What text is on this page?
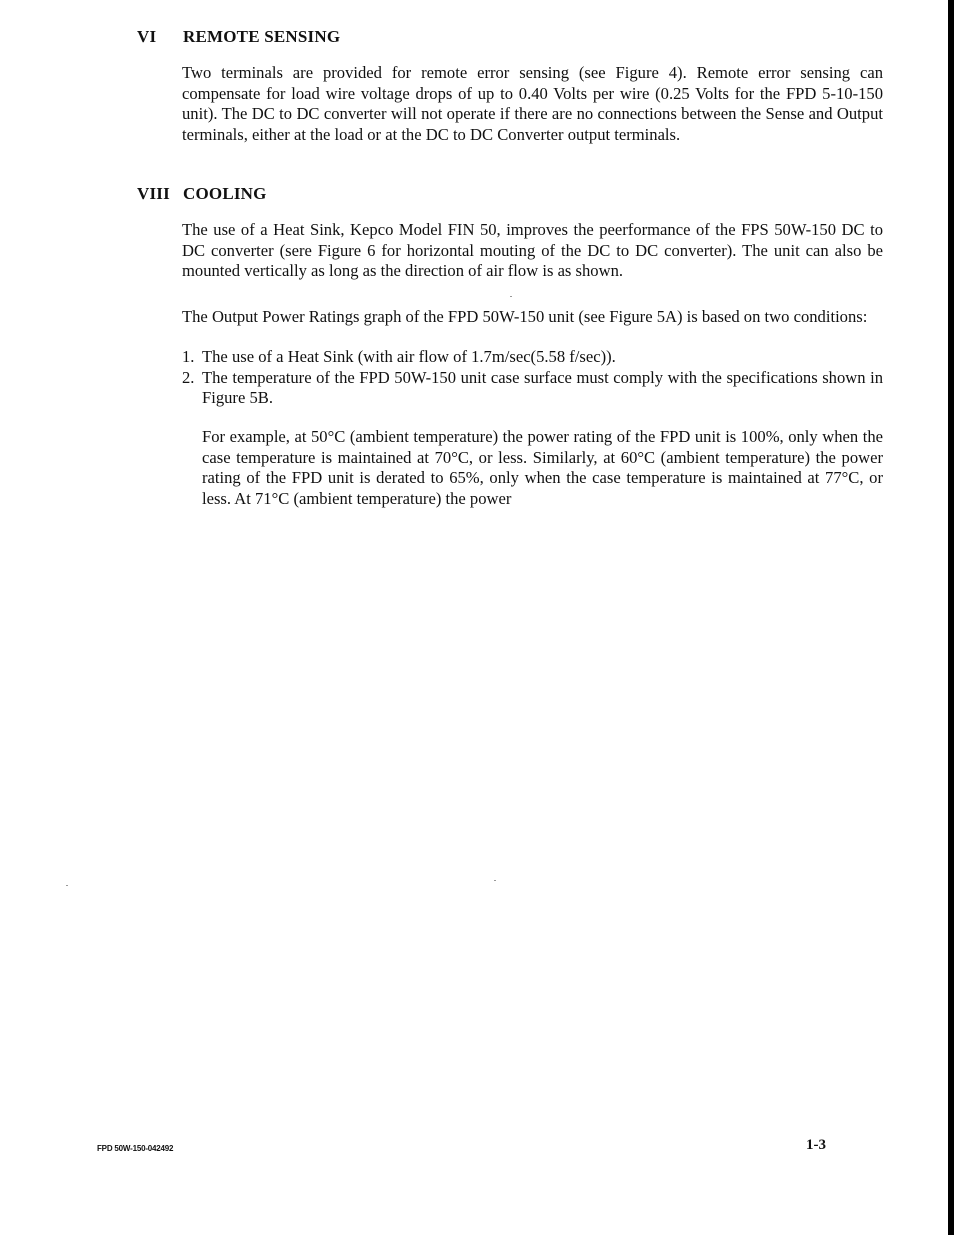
VI REMOTE SENSING

Two terminals are provided for remote error sensing (see Figure 4). Remote error sensing can compensate for load wire voltage drops of up to 0.40 Volts per wire (0.25 Volts for the FPD 5-10-150 unit). The DC to DC converter will not operate if there are no connections between the Sense and Output terminals, either at the load or at the DC to DC Converter output terminals.

VIII COOLING

The use of a Heat Sink, Kepco Model FIN 50, improves the peerformance of the FPS 50W-150 DC to DC converter (sere Figure 6 for horizontal mouting of the DC to DC converter). The unit can also be mounted vertically as long as the direction of air flow is as shown.

The Output Power Ratings graph of the FPD 50W-150 unit (see Figure 5A) is based on two conditions:

1. The use of a Heat Sink (with air flow of 1.7m/sec(5.58 f/sec)).
2. The temperature of the FPD 50W-150 unit case surface must comply with the specifications shown in Figure 5B.

For example, at 50°C (ambient temperature) the power rating of the FPD unit is 100%, only when the case temperature is maintained at 70°C, or less. Similarly, at 60°C (ambient temperature) the power rating of the FPD unit is derated to 65%, only when the case temperature is maintained at 77°C, or less. At 71°C (ambient temperature) the power

FPD 50W-150-042492	1-3
